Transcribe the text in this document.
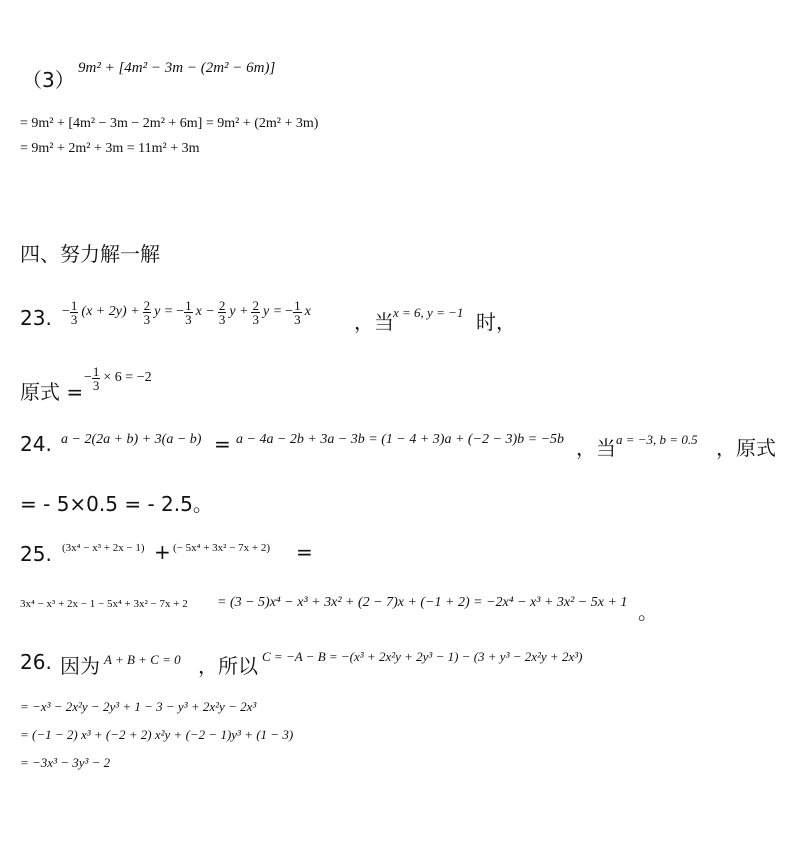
（3） 9m² + [4m² − 3m − (2m² − 6m)]
= 9m² + [4m² − 3m − 2m² + 6m] = 9m² + (2m² + 3m)
= 9m² + 2m² + 3m = 11m² + 3m
四、努力解一解
23. − $\frac{1}{3} (x + 2y) + \frac{2}{3}$ y = − $\frac{1}{3}$ $x - \frac{2}{3}$ $y + \frac{2}{3}$ y = − $\frac{1}{3}$ x ，当 x = 6, y = −1 时，
原式 =
− $\frac{1}{3} \times 6 = -2$
24. a − 2(2a + b) + 3(a − b) = a − 4a − 2b + 3a − 3b = (1 − 4 + 3)a + (−2 − 3)b = −5b ，当 a = −3, b = 0.5 ，原式
= - 5×0.5 = - 2.5。
25. (3x⁴ − x³ + 2x − 1) + (− 5x⁴ + 3x² − 7x + 2) =
3x⁴ − x³ + 2x − 1 − 5x⁴ + 3x² − 7x + 2 = (3 − 5)x⁴ − x³ + 3x² + (2 − 7)x + (−1 + 2) = −2x⁴ − x³ + 3x² − 5x + 1 。
26. 因为 A + B + C = 0 ，所以 C = −A − B = −(x³ + 2x²y + 2y³ − 1) − (3 + y³ − 2x²y + 2x³)
= −x³ − 2x²y − 2y³ + 1 − 3 − y³ + 2x²y − 2x³
= (−1 − 2) x³ + (−2 + 2) x²y + (−2 − 1)y³ + (1 − 3)
= −3x³ − 3y³ − 2
